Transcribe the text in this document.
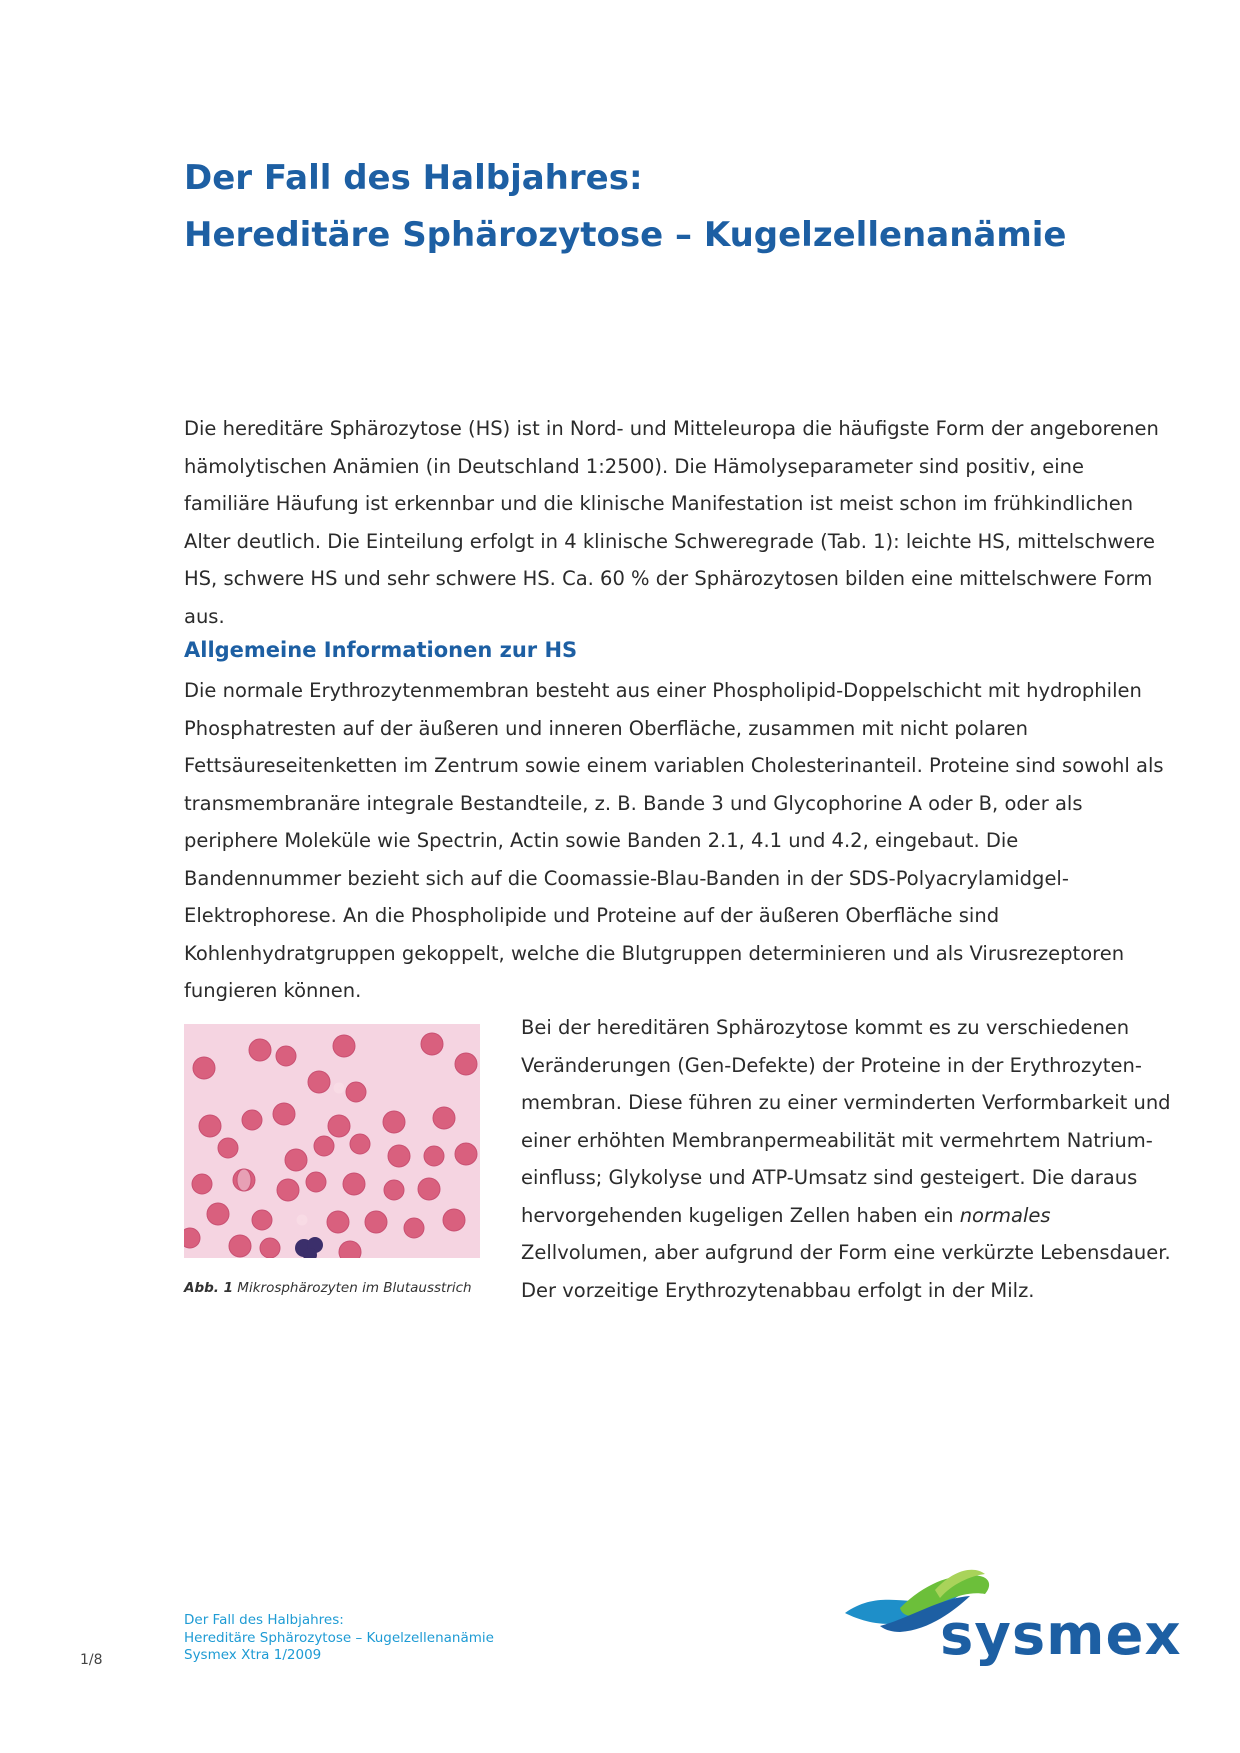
Der Fall des Halbjahres:
Hereditäre Sphärozytose – Kugelzellenanämie

Die hereditäre Sphärozytose (HS) ist in Nord- und Mitteleuropa die häufigste Form der angeborenen hämolytischen Anämien (in Deutschland 1:2500). Die Hämolyseparameter sind positiv, eine familiäre Häufung ist erkennbar und die klinische Manifestation ist meist schon im frühkindlichen Alter deutlich. Die Einteilung erfolgt in 4 klinische Schweregrade (Tab. 1): leichte HS, mittelschwere HS, schwere HS und sehr schwere HS. Ca. 60 % der Sphärozytosen bilden eine mittelschwere Form aus.

Allgemeine Informationen zur HS

Die normale Erythrozytenmembran besteht aus einer Phospholipid-Doppelschicht mit hydrophilen Phosphatresten auf der äußeren und inneren Oberfläche, zusammen mit nicht polaren Fettsäureseitenketten im Zentrum sowie einem variablen Cholesterinanteil. Proteine sind sowohl als transmembranäre integrale Bestandteile, z. B. Bande 3 und Glycophorine A oder B, oder als periphere Moleküle wie Spectrin, Actin sowie Banden 2.1, 4.1 und 4.2, eingebaut. Die Bandennummer bezieht sich auf die Coomassie-Blau-Banden in der SDS-Polyacrylamidgel-Elektrophorese. An die Phospholipide und Proteine auf der äußeren Oberfläche sind Kohlenhydratgruppen gekoppelt, welche die Blutgruppen determinieren und als Virusrezeptoren fungieren können.

Abb. 1 Mikrosphärozyten im Blutausstrich

Bei der hereditären Sphärozytose kommt es zu verschiedenen Veränderungen (Gen-Defekte) der Proteine in der Erythrozytenmembran. Diese führen zu einer verminderten Verformbarkeit und einer erhöhten Membranpermeabilität mit vermehrtem Natriumeinfluss; Glykolyse und ATP-Umsatz sind gesteigert. Die daraus hervorgehenden kugeligen Zellen haben ein normales Zellvolumen, aber aufgrund der Form eine verkürzte Lebensdauer. Der vorzeitige Erythrozytenabbau erfolgt in der Milz.

1/8

Der Fall des Halbjahres:
Hereditäre Sphärozytose – Kugelzellenanämie
Sysmex Xtra 1/2009	sysmex
